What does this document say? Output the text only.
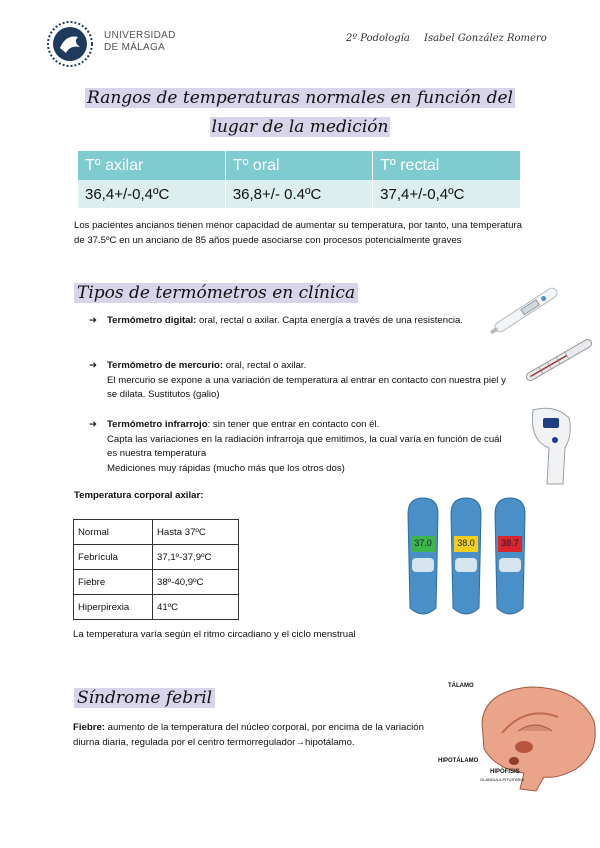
UNIVERSIDAD
DE MÁLAGA
2º Podología Isabel González Romero
Rangos de temperaturas normales en función del lugar de la medición
Tº axilar	Tº oral	Tº rectal
36,4+/-0,4ºC	36,8+/- 0.4ºC	37,4+/-0,4ºC
Los pacientes ancianos tienen menor capacidad de aumentar su temperatura, por tanto, una temperatura de 37.5ºC en un anciano de 85 años puede asociarse con procesos potencialmente graves
Tipos de termómetros en clínica
➔ Termómetro digital: oral, rectal o axilar. Capta energía a través de una resistencia.
➔ Termómetro de mercurio: oral, rectal o axilar.
El mercurio se expone a una variación de temperatura al entrar en contacto con nuestra piel y se dilata. Sustitutos (galio)
➔ Termómetro infrarrojo: sin tener que entrar en contacto con él.
Capta las variaciones en la radiación infrarroja que emitimos, la cual varía en función de cuál es nuestra temperatura
Mediciones muy rápidas (mucho más que los otros dos)
Temperatura corporal axilar:
Normal	Hasta 37ºC
Febrícula	37,1º-37,9ºC
Fiebre	38º-40,9ºC
Hiperpirexia	41ºC
La temperatura varía según el ritmo circadiano y el ciclo menstrual
37.0	38.0	38.7
Síndrome febril
Fiebre: aumento de la temperatura del núcleo corporal, por encima de la variación diurna diaria, regulada por el centro termorregulador→hipotálamo.
TÁLAMO
HIPOTÁLAMO
HIPÓFISIS
GLÁNDULA PITUITARIA
